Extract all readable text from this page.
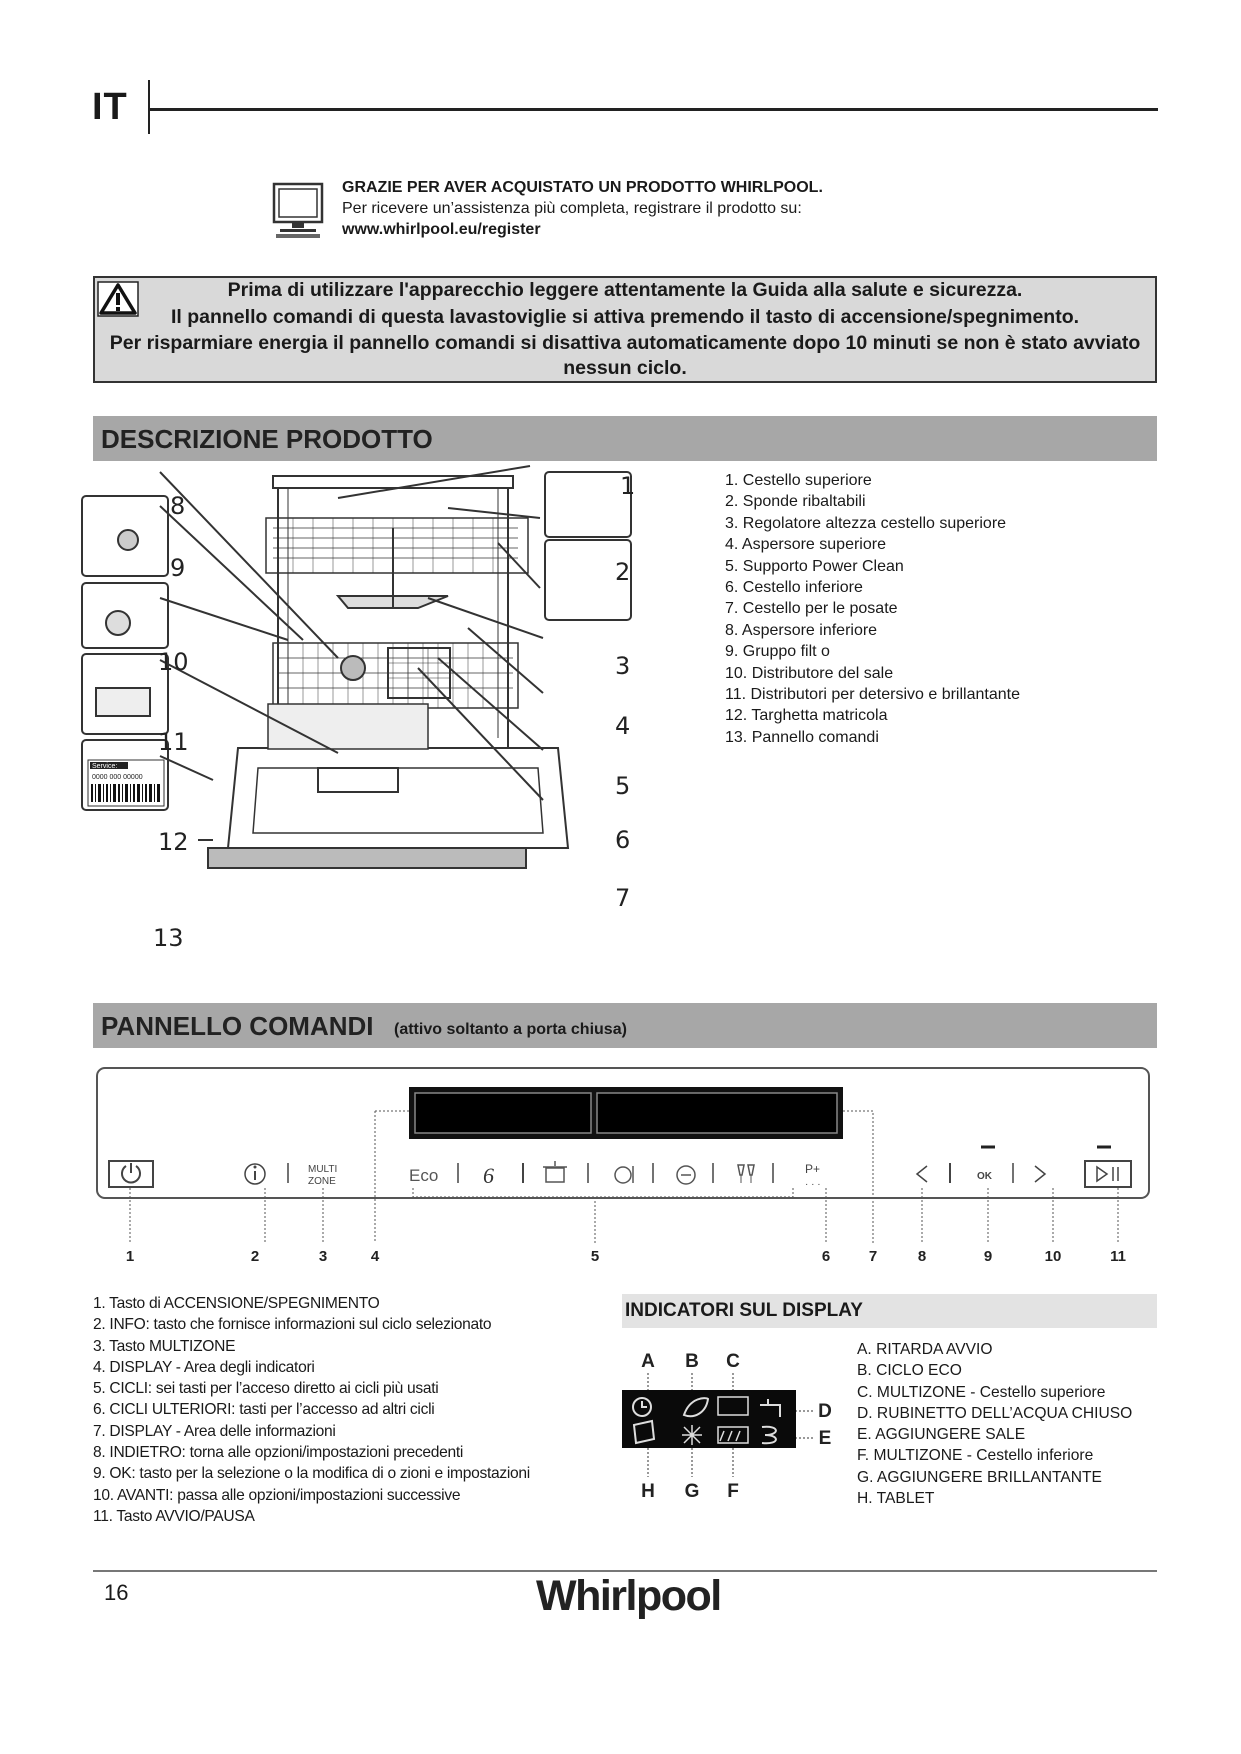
IT
GRAZIE PER AVER ACQUISTATO UN PRODOTTO WHIRLPOOL.
Per ricevere un’assistenza più completa, registrare il prodotto su:
www.whirlpool.eu/register
Prima di utilizzare l'apparecchio leggere attentamente la Guida alla salute e sicurezza.
Il pannello comandi di questa lavastoviglie si attiva premendo il tasto di accensione/spegnimento.
Per risparmiare energia il pannello comandi si disattiva automaticamente dopo 10 minuti se non è stato avviato
nessun ciclo.
DESCRIZIONE PRODOTTO
Service:
0000 000 00000
1
2
3
4
5
6
7
8
9
10
11
12
13
1. Cestello superiore
2. Sponde ribaltabili
3. Regolatore altezza cestello superiore
4. Aspersore superiore
5. Supporto Power Clean
6. Cestello inferiore
7. Cestello per le posate
8. Aspersore inferiore
9. Gruppo filt o
10. Distributore del sale
11. Distributori per detersivo e brillantante
12. Targhetta matricola
13. Pannello comandi
PANNELLO COMANDI (attivo soltanto a porta chiusa)
MULTI
ZONE	Eco 6	P+
· · ·
OK
1	2	3	4	5	6	7	8	9	10	11
1. Tasto di ACCENSIONE/SPEGNIMENTO
2. INFO: tasto che fornisce informazioni sul ciclo selezionato
3. Tasto MULTIZONE
4. DISPLAY - Area degli indicatori
5. CICLI: sei tasti per l’acceso diretto ai cicli più usati
6. CICLI ULTERIORI: tasti per l’accesso ad altri cicli
7. DISPLAY - Area delle informazioni
8. INDIETRO: torna alle opzioni/impostazioni precedenti
9. OK: tasto per la selezione o la modifica di o zioni e impostazioni
10. AVANTI: passa alle opzioni/impostazioni successive
11. Tasto AVVIO/PAUSA
INDICATORI SUL DISPLAY
A B C
H G F
D
E
A. RITARDA AVVIO
B. CICLO ECO
C. MULTIZONE - Cestello superiore
D. RUBINETTO DELL’ACQUA CHIUSO
E. AGGIUNGERE SALE
F. MULTIZONE - Cestello inferiore
G. AGGIUNGERE BRILLANTANTE
H. TABLET
16	Whirlpool
